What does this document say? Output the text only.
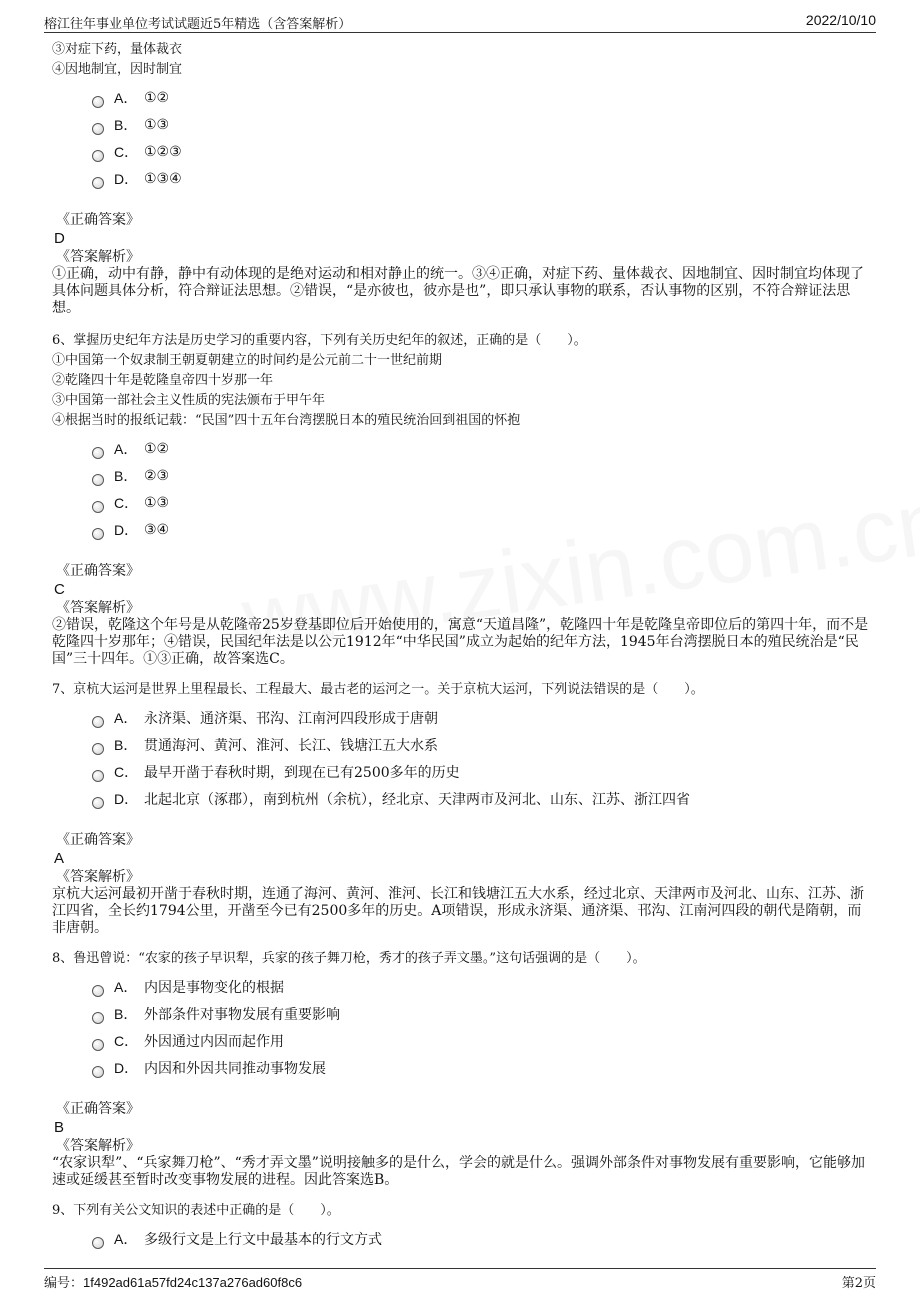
榕江往年事业单位考试试题近5年精选（含答案解析）	2022/10/10
③对症下药，量体裁衣
④因地制宜，因时制宜
A． ①②
B． ①③
C． ①②③
D． ①③④
《正确答案》
D
《答案解析》
①正确，动中有静，静中有动体现的是绝对运动和相对静止的统一。③④正确，对症下药、量体裁衣、因地制宜、因时制宜均体现了具体问题具体分析，符合辩证法思想。②错误，“是亦彼也，彼亦是也”，即只承认事物的联系，否认事物的区别，不符合辩证法思想。
6、掌握历史纪年方法是历史学习的重要内容，下列有关历史纪年的叙述，正确的是（　　）。
①中国第一个奴隶制王朝夏朝建立的时间约是公元前二十一世纪前期
②乾隆四十年是乾隆皇帝四十岁那一年
③中国第一部社会主义性质的宪法颁布于甲午年
④根据当时的报纸记载：“民国”四十五年台湾摆脱日本的殖民统治回到祖国的怀抱
A． ①②
B． ②③
C． ①③
D． ③④
《正确答案》
C
《答案解析》
②错误，乾隆这个年号是从乾隆帝25岁登基即位后开始使用的，寓意“天道昌隆”，乾隆四十年是乾隆皇帝即位后的第四十年，而不是乾隆四十岁那年；④错误，民国纪年法是以公元1912年“中华民国”成立为起始的纪年方法，1945年台湾摆脱日本的殖民统治是“民国”三十四年。①③正确，故答案选C。
7、京杭大运河是世界上里程最长、工程最大、最古老的运河之一。关于京杭大运河，下列说法错误的是（　　）。
A． 永济渠、通济渠、邗沟、江南河四段形成于唐朝
B． 贯通海河、黄河、淮河、长江、钱塘江五大水系
C． 最早开凿于春秋时期，到现在已有2500多年的历史
D． 北起北京（涿郡），南到杭州（余杭），经北京、天津两市及河北、山东、江苏、浙江四省
《正确答案》
A
《答案解析》
京杭大运河最初开凿于春秋时期，连通了海河、黄河、淮河、长江和钱塘江五大水系，经过北京、天津两市及河北、山东、江苏、浙江四省，全长约1794公里，开凿至今已有2500多年的历史。A项错误，形成永济渠、通济渠、邗沟、江南河四段的朝代是隋朝，而非唐朝。
8、鲁迅曾说：“农家的孩子早识犁，兵家的孩子舞刀枪，秀才的孩子弄文墨。”这句话强调的是（　　）。
A． 内因是事物变化的根据
B． 外部条件对事物发展有重要影响
C． 外因通过内因而起作用
D． 内因和外因共同推动事物发展
《正确答案》
B
《答案解析》
“农家识犁”、“兵家舞刀枪”、“秀才弄文墨”说明接触多的是什么，学会的就是什么。强调外部条件对事物发展有重要影响，它能够加速或延缓甚至暂时改变事物发展的进程。因此答案选B。
9、下列有关公文知识的表述中正确的是（　　）。
A． 多级行文是上行文中最基本的行文方式
编号：1f492ad61a57fd24c137a276ad60f8c6	第2页
